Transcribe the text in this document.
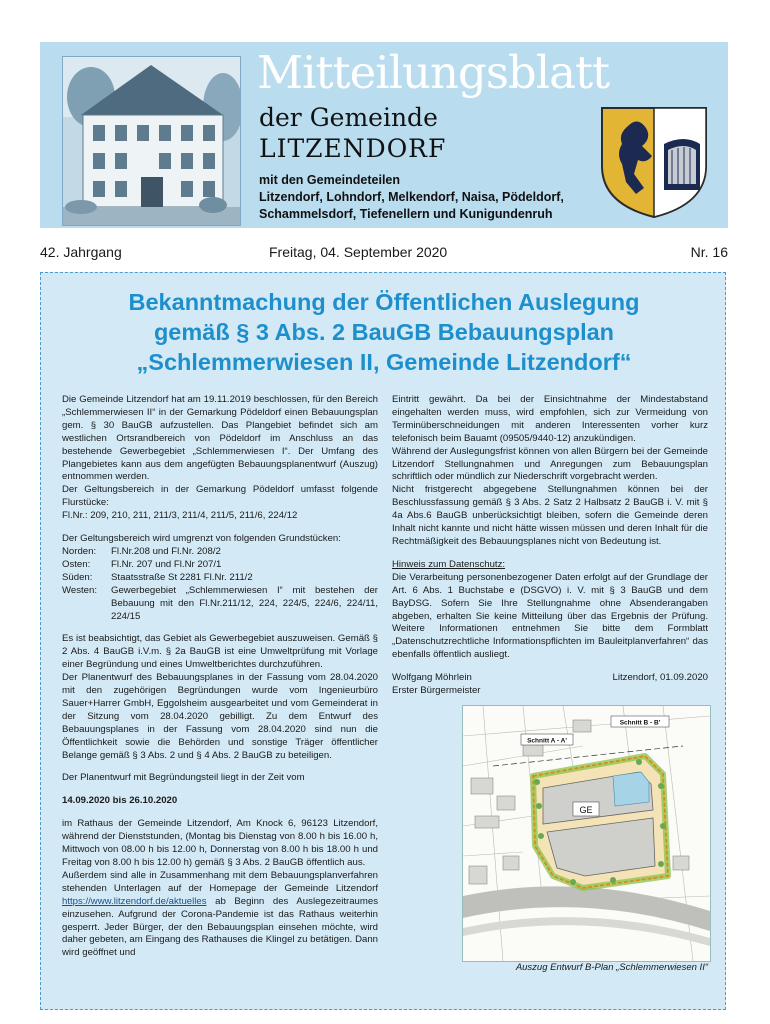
Mitteilungsblatt
der Gemeinde
LITZENDORF
mit den Gemeindeteilen
Litzendorf, Lohndorf, Melkendorf, Naisa, Pödeldorf,
Schammelsdorf, Tiefenellern und Kunigundenruh
42. Jahrgang	Freitag, 04. September 2020	Nr. 16
Bekanntmachung der Öffentlichen Auslegung
gemäß § 3 Abs. 2 BauGB Bebauungsplan
„Schlemmerwiesen II, Gemeinde Litzendorf“

Die Gemeinde Litzendorf hat am 19.11.2019 beschlossen, für den Bereich „Schlemmerwiesen II“ in der Gemarkung Pödeldorf einen Bebauungsplan gem. § 30 BauGB aufzustellen. Das Plangebiet befindet sich am westlichen Ortsrandbereich von Pödeldorf im Anschluss an das bestehende Gewerbegebiet „Schlemmerwiesen I“. Der Umfang des Plangebietes kann aus dem angefügten Bebauungsplanentwurf (Auszug) entnommen werden.

Der Geltungsbereich in der Gemarkung Pödeldorf umfasst folgende Flurstücke:

Fl.Nr.: 209, 210, 211, 211/3, 211/4, 211/5, 211/6, 224/12

Der Geltungsbereich wird umgrenzt von folgenden Grundstücken:

Norden:	Fl.Nr.208 und Fl.Nr. 208/2
Osten:	Fl.Nr. 207 und Fl.Nr 207/1
Süden:	Staatsstraße St 2281 Fl.Nr. 211/2
Westen:	Gewerbegebiet „Schlemmerwiesen I“ mit bestehen der Bebauung mit den Fl.Nr.211/12, 224, 224/5, 224/6, 224/11, 224/15

Es ist beabsichtigt, das Gebiet als Gewerbegebiet auszuweisen. Gemäß § 2 Abs. 4 BauGB i.V.m. § 2a BauGB ist eine Umweltprüfung mit Vorlage einer Begründung und eines Umweltberichtes durchzuführen.

Der Planentwurf des Bebauungsplanes in der Fassung vom 28.04.2020 mit den zugehörigen Begründungen wurde vom Ingenieurbüro Sauer+Harrer GmbH, Eggolsheim ausgearbeitet und vom Gemeinderat in der Sitzung vom 28.04.2020 gebilligt. Zu dem Entwurf des Bebauungsplanes in der Fassung vom 28.04.2020 sind nun die Öffentlichkeit sowie die Behörden und sonstige Träger öffentlicher Belange gemäß § 3 Abs. 2 und § 4 Abs. 2 BauGB zu beteiligen.

Der Planentwurf mit Begründungsteil liegt in der Zeit vom

14.09.2020 bis 26.10.2020

im Rathaus der Gemeinde Litzendorf, Am Knock 6, 96123 Litzendorf, während der Dienststunden, (Montag bis Dienstag von 8.00 h bis 16.00 h, Mittwoch von 08.00 h bis 12.00 h, Donnerstag von 8.00 h bis 18.00 h und Freitag von 8.00 h bis 12.00 h) gemäß § 3 Abs. 2 BauGB öffentlich aus.

Außerdem sind alle in Zusammenhang mit dem Bebauungsplanverfahren stehenden Unterlagen auf der Homepage der Gemeinde Litzendorf https://www.litzendorf.de/aktuelles ab Beginn des Auslegezeitraumes einzusehen. Aufgrund der Corona-Pandemie ist das Rathaus weiterhin gesperrt. Jeder Bürger, der den Bebauungsplan einsehen möchte, wird daher gebeten, am Eingang des Rathauses die Klingel zu betätigen. Dann wird geöffnet und

Eintritt gewährt. Da bei der Einsichtnahme der Mindestabstand eingehalten werden muss, wird empfohlen, sich zur Vermeidung von Terminüberschneidungen mit anderen Interessenten vorher kurz telefonisch beim Bauamt (09505/9440-12) anzukündigen.

Während der Auslegungsfrist können von allen Bürgern bei der Gemeinde Litzendorf Stellungnahmen und Anregungen zum Bebauungsplan schriftlich oder mündlich zur Niederschrift vorgebracht werden.

Nicht fristgerecht abgegebene Stellungnahmen können bei der Beschlussfassung gemäß § 3 Abs. 2 Satz 2 Halbsatz 2 BauGB i. V. mit § 4a Abs.6 BauGB unberücksichtigt bleiben, sofern die Gemeinde deren Inhalt nicht kannte und nicht hätte wissen müssen und deren Inhalt für die Rechtmäßigkeit des Bebauungsplanes nicht von Bedeutung ist.

Hinweis zum Datenschutz:

Die Verarbeitung personenbezogener Daten erfolgt auf der Grundlage der Art. 6 Abs. 1 Buchstabe e (DSGVO) i. V. mit § 3 BauGB und dem BayDSG. Sofern Sie Ihre Stellungnahme ohne Absenderangaben abgeben, erhalten Sie keine Mitteilung über das Ergebnis der Prüfung. Weitere Informationen entnehmen Sie bitte dem Formblatt „Datenschutzrechtliche Informationspflichten im Bauleitplanverfahren“ das ebenfalls öffentlich ausliegt.

Wolfgang Möhrlein	Litzendorf, 01.09.2020

Erster Bürgermeister

GE
Schnitt B - B'
Schnitt A - A'
Auszug Entwurf B-Plan „Schlemmerwiesen II“
